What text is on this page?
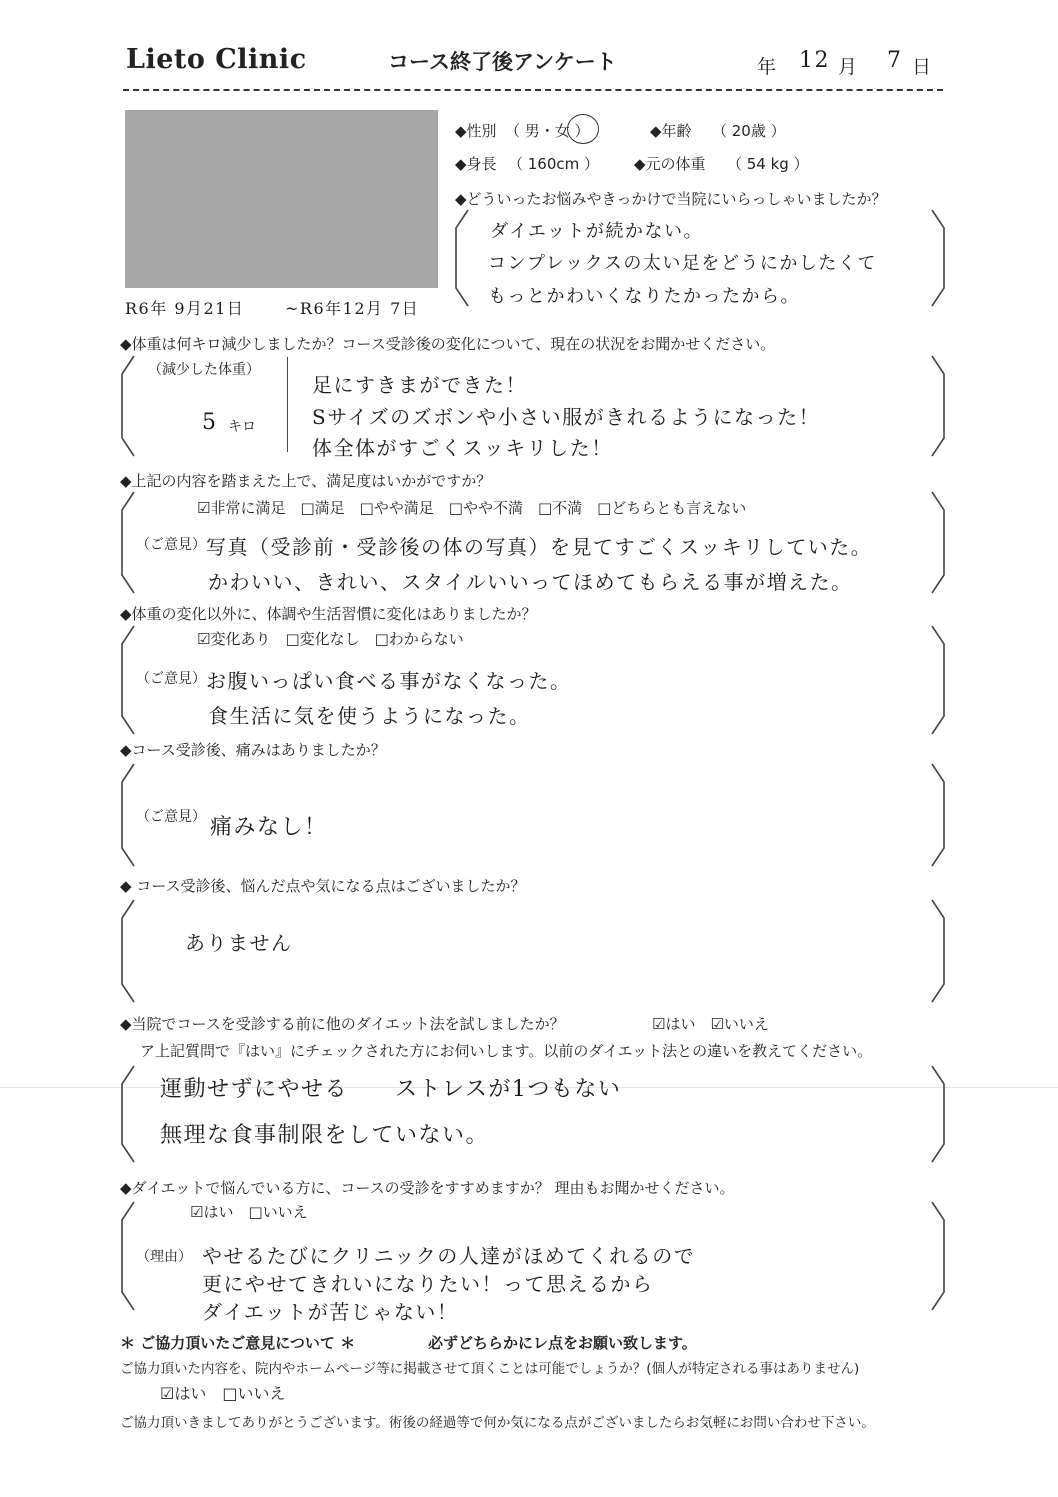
Lieto Clinic	コース終了後アンケート	年 12 月 7 日
◆性別 （ 男・女 ）	◆年齢 （ 20歳 ）
◆身長 （ 160cm ） ◆元の体重 （ 54 kg ）
◆どういったお悩みやきっかけで当院にいらっしゃいましたか？
ダイエットが続かない。
コンプレックスの太い足をどうにかしたくて
もっとかわいくなりたかったから。
R6年 9月21日	~R6年12月 7日
◆体重は何キロ減少しましたか？コース受診後の変化について、現在の状況をお聞かせください。
（減少した体重）
5 キロ
足にすきまができた！
Sサイズのズボンや小さい服がきれるようになった！
体全体がすごくスッキリした！
◆上記の内容を踏まえた上で、満足度はいかがですか？
☑非常に満足　□満足　□やや満足　□やや不満　□不満　□どちらとも言えない
（ご意見） 写真（受診前・受診後の体の写真）を見てすごくスッキリしていた。
かわいい、きれい、スタイルいいってほめてもらえる事が増えた。
◆体重の変化以外に、体調や生活習慣に変化はありましたか？
☑変化あり　□変化なし　□わからない
（ご意見） お腹いっぱい食べる事がなくなった。
食生活に気を使うようになった。
◆コース受診後、痛みはありましたか？
（ご意見） 痛みなし！
◆ コース受診後、悩んだ点や気になる点はございましたか？
ありません
◆当院でコースを受診する前に他のダイエット法を試しましたか？	☑はい　☑いいえ
ア上記質問で『はい』にチェックされた方にお伺いします。以前のダイエット法との違いを教えてください。
運動せずにやせる　　ストレスが1つもない
無理な食事制限をしていない。
◆ダイエットで悩んでいる方に、コースの受診をすすめますか？ 理由もお聞かせください。
☑はい　□いいえ
（理由） やせるたびにクリニックの人達がほめてくれるので
更にやせてきれいになりたい！って思えるから
ダイエットが苦じゃない！
＊ ご協力頂いたご意見について ＊	必ずどちらかにレ点をお願い致します。
ご協力頂いた内容を、院内やホームページ等に掲載させて頂くことは可能でしょうか？(個人が特定される事はありません)
☑はい　□いいえ
ご協力頂いきましてありがとうございます。術後の経過等で何か気になる点がございましたらお気軽にお問い合わせ下さい。
